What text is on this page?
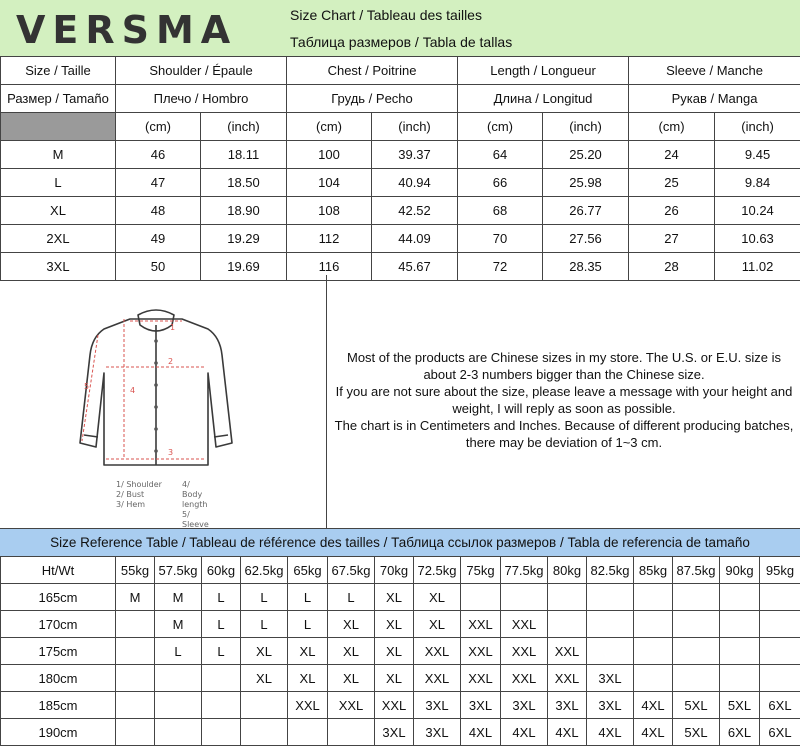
VERSMA	Size Chart / Tableau des tailles
Таблица размеров / Tabla de tallas
Size / Taille	Shoulder / Épaule		Chest / Poitrine		Length / Longueur		Sleeve / Manche	
Размер / Tamaño	Плечо / Hombro		Грудь / Pecho		Длина / Longitud		Рукав / Manga	
	(cm)	(inch)	(cm)	(inch)	(cm)	(inch)	(cm)	(inch)
M	46	18.11	100	39.37	64	25.20	24	9.45
L	47	18.50	104	40.94	66	25.98	25	9.84
XL	48	18.90	108	42.52	68	26.77	26	10.24
2XL	49	19.29	112	44.09	70	27.56	27	10.63
3XL	50	19.69	116	45.67	72	28.35	28	11.02
1
2
3
4
5
1/ Shoulder
2/ Bust
3/ Hem
4/ Body length
5/ Sleeve
Most of the products are Chinese sizes in my store. The U.S. or E.U. size is
about 2-3 numbers bigger than the Chinese size.
If you are not sure about the size, please leave a message with your height and
weight, I will reply as soon as possible.
The chart is in Centimeters and Inches. Because of different producing batches,
there may be deviation of 1~3 cm.
Size Reference Table / Tableau de référence des tailles / Таблица ссылок размеров / Tabla de referencia de tamaño
Ht/Wt	55kg	57.5kg	60kg	62.5kg	65kg	67.5kg	70kg	72.5kg	75kg	77.5kg	80kg	82.5kg	85kg	87.5kg	90kg	95kg
165cm	M	M	L	L	L	L	XL	XL								
170cm		M	L	L	L	XL	XL	XL	XXL	XXL						
175cm		L	L	XL	XL	XL	XL	XXL	XXL	XXL	XXL					
180cm				XL	XL	XL	XL	XXL	XXL	XXL	XXL	3XL				
185cm					XXL	XXL	XXL	3XL	3XL	3XL	3XL	3XL	4XL	5XL	5XL	6XL
190cm							3XL	3XL	4XL	4XL	4XL	4XL	4XL	5XL	6XL	6XL
